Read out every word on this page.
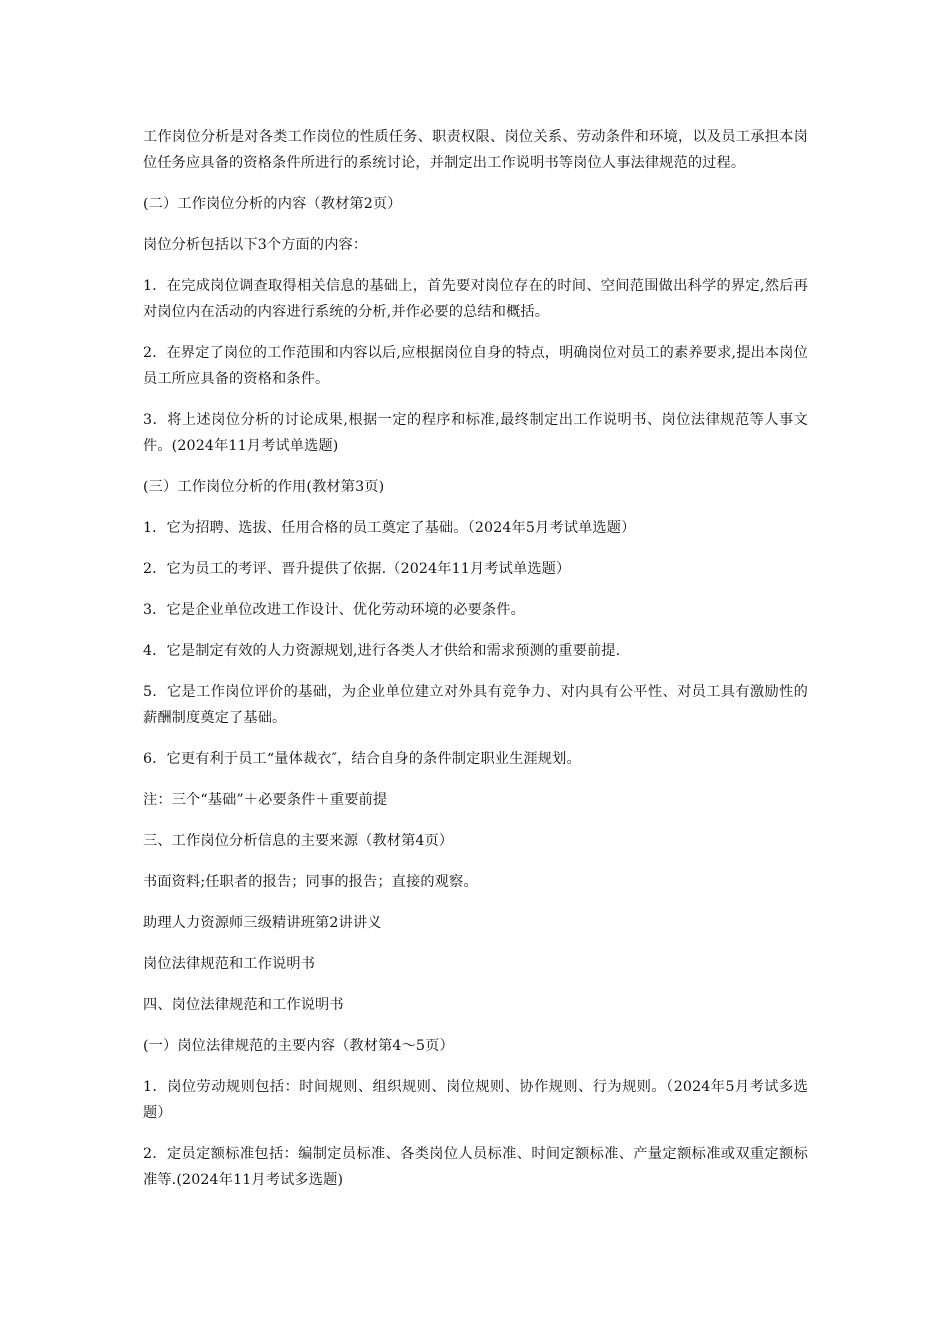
工作岗位分析是对各类工作岗位的性质任务、职责权限、岗位关系、劳动条件和环境，以及员工承担本岗位任务应具备的资格条件所进行的系统讨论，并制定出工作说明书等岗位人事法律规范的过程。

(二）工作岗位分析的内容（教材第2页）

岗位分析包括以下3个方面的内容：

1．在完成岗位调查取得相关信息的基础上，首先要对岗位存在的时间、空间范围做出科学的界定,然后再对岗位内在活动的内容进行系统的分析,并作必要的总结和概括。

2．在界定了岗位的工作范围和内容以后,应根据岗位自身的特点，明确岗位对员工的素养要求,提出本岗位员工所应具备的资格和条件。

3．将上述岗位分析的讨论成果,根据一定的程序和标准,最终制定出工作说明书、岗位法律规范等人事文件。(2024年11月考试单选题)

(三）工作岗位分析的作用(教材第3页)

1．它为招聘、选拔、任用合格的员工奠定了基础。（2024年5月考试单选题）

2．它为员工的考评、晋升提供了依据.（2024年11月考试单选题）

3．它是企业单位改进工作设计、优化劳动环境的必要条件。

4．它是制定有效的人力资源规划,进行各类人才供给和需求预测的重要前提.

5．它是工作岗位评价的基础，为企业单位建立对外具有竞争力、对内具有公平性、对员工具有激励性的薪酬制度奠定了基础。

6．它更有利于员工“量体裁衣″，结合自身的条件制定职业生涯规划。

注：三个“基础”＋必要条件＋重要前提

三、工作岗位分析信息的主要来源（教材第4页）

书面资料;任职者的报告；同事的报告；直接的观察。

助理人力资源师三级精讲班第2讲讲义

岗位法律规范和工作说明书

四、岗位法律规范和工作说明书

(一）岗位法律规范的主要内容（教材第4～5页）

1．岗位劳动规则包括：时间规则、组织规则、岗位规则、协作规则、行为规则。（2024年5月考试多选题）

2．定员定额标准包括：编制定员标准、各类岗位人员标准、时间定额标准、产量定额标准或双重定额标准等.(2024年11月考试多选题)
